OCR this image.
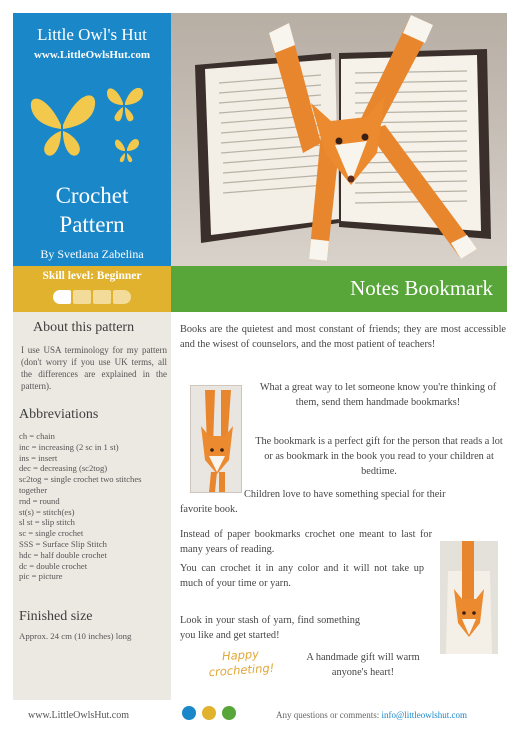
Little Owl's Hut
www.LittleOwlsHut.com
Crochet
Pattern
By Svetlana Zabelina
Skill level: Beginner	Notes Bookmark
About this pattern

I use USA terminology for my pattern (don't worry if you use UK terms, all the differences are explained in the pattern).

Abbreviations
ch = chain
inc = increasing (2 sc in 1 st)
ins = insert
dec = decreasing (sc2tog)
sc2tog = single crochet two stitches together
rnd = round
st(s) = stitch(es)
sl st = slip stitch
sc = single crochet
SSS = Surface Slip Stitch
hdc = half double crochet
dc = double crochet
pic = picture
Finished size

Approx. 24 cm (10 inches) long

Books are the quietest and most constant of friends; they are most accessible and the wisest of counselors, and the most patient of teachers!

What a great way to let someone know you're thinking of them, send them handmade bookmarks!

The bookmark is a perfect gift for the person that reads a lot or as bookmark in the book you read to your children at bedtime.

Children love to have something special for their favorite book.

Instead of paper bookmarks crochet one meant to last for many years of reading.

You can crochet it in any color and it will not take up much of your time or yarn.

Look in your stash of yarn, find something you like and get started!

Happy crocheting!

A handmade gift will warm anyone's heart!

www.LittleOwlsHut.com	Any questions or comments: info@littleowlshut.com
